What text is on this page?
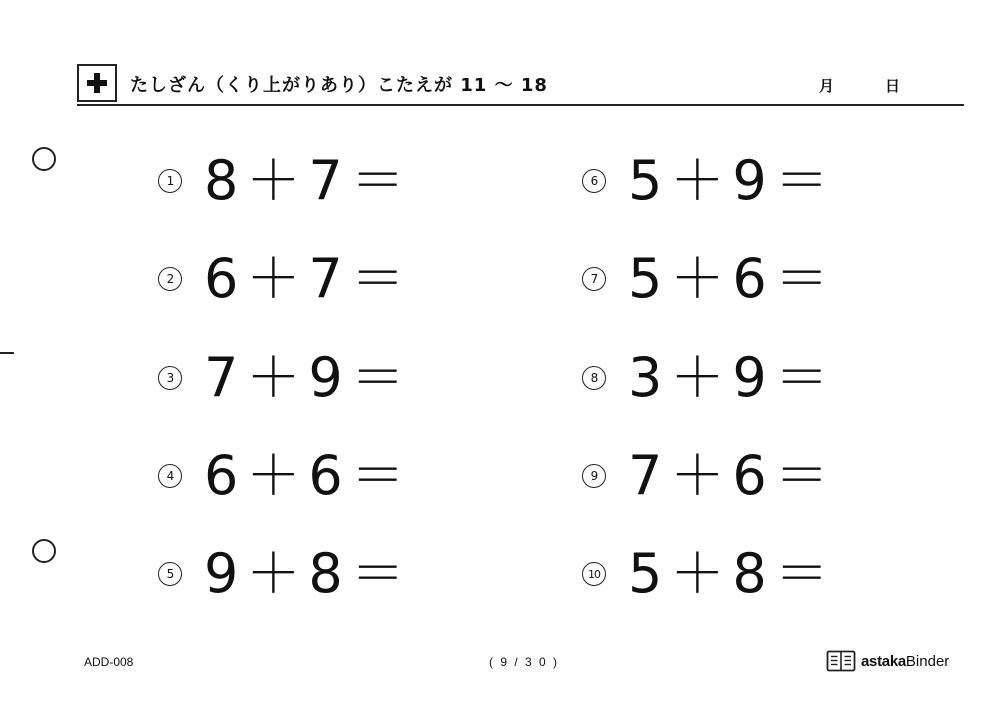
たしざん（くり上がりあり）こたえが 11 〜 18	月	日
1 8＋7＝
2 6＋7＝
3 7＋9＝
4 6＋6＝
5 9＋8＝
6 5＋9＝
7 5＋6＝
8 3＋9＝
9 7＋6＝
10 5＋8＝
ADD-008	( 9 / 3 0 )	astaka Binder
